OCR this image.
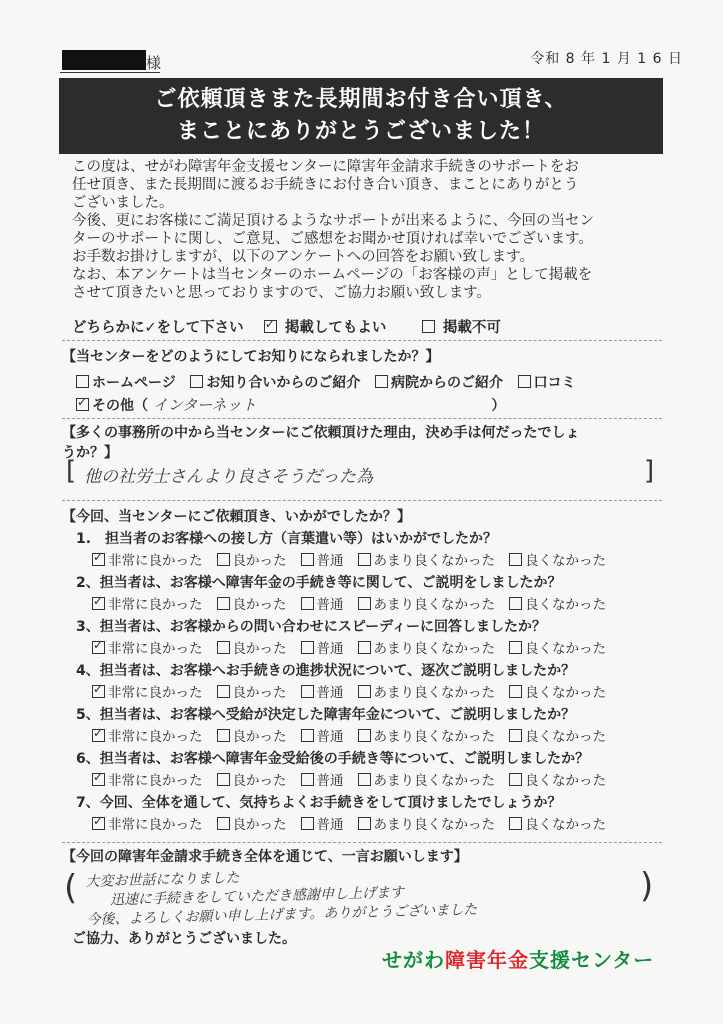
様	令和 8 年 1 月 1 6 日
ご依頼頂きまた長期間お付き合い頂き、
まことにありがとうございました！
この度は、せがわ障害年金支援センターに障害年金請求手続きのサポートをお
任せ頂き、また長期間に渡るお手続きにお付き合い頂き、まことにありがとう
ございました。
今後、更にお客様にご満足頂けるようなサポートが出来るように、今回の当セン
ターのサポートに関し、ご意見、ご感想をお聞かせ頂ければ幸いでございます。
お手数お掛けしますが、以下のアンケートへの回答をお願い致します。
なお、本アンケートは当センターのホームページの「お客様の声」として掲載を
させて頂きたいと思っておりますので、ご協力お願い致します。
どちらかに✓をして下さい    ✓	掲載してもよい	掲載不可
【当センターをどのようにしてお知りになられましたか？】
ホームページ お知り合いからのご紹介 病院からのご紹介 口コミ
✓その他（ インターネット	）
【多くの事務所の中から当センターにご依頼頂けた理由，決め手は何だったでしょ
うか？】
[ 他の社労士さんより良さそうだった為	]
【今回、当センターにご依頼頂き、いかがでしたか？】
1.　担当者のお客様への接し方（言葉遣い等）はいかがでしたか？
✓非常に良かった 良かった 普通 あまり良くなかった 良くなかった
2、担当者は、お客様へ障害年金の手続き等に関して、ご説明をしましたか？
✓非常に良かった 良かった 普通 あまり良くなかった 良くなかった
3、担当者は、お客様からの問い合わせにスピーディーに回答しましたか？
✓非常に良かった 良かった 普通 あまり良くなかった 良くなかった
4、担当者は、お客様へお手続きの進捗状況について、逐次ご説明しましたか？
✓非常に良かった 良かった 普通 あまり良くなかった 良くなかった
5、担当者は、お客様へ受給が決定した障害年金について、ご説明しましたか？
✓非常に良かった 良かった 普通 あまり良くなかった 良くなかった
6、担当者は、お客様へ障害年金受給後の手続き等について、ご説明しましたか？
✓非常に良かった 良かった 普通 あまり良くなかった 良くなかった
7、今回、全体を通して、気持ちよくお手続きをして頂けましたでしょうか？
✓非常に良かった 良かった 普通 あまり良くなかった 良くなかった
【今回の障害年金請求手続き全体を通じて、一言お願いします】
( 大変お世話になりました
迅速に手続きをしていただき感謝申し上げます
今後、よろしくお願い申し上げます。ありがとうございました
)
ご協力、ありがとうございました。
せがわ障害年金支援センター
